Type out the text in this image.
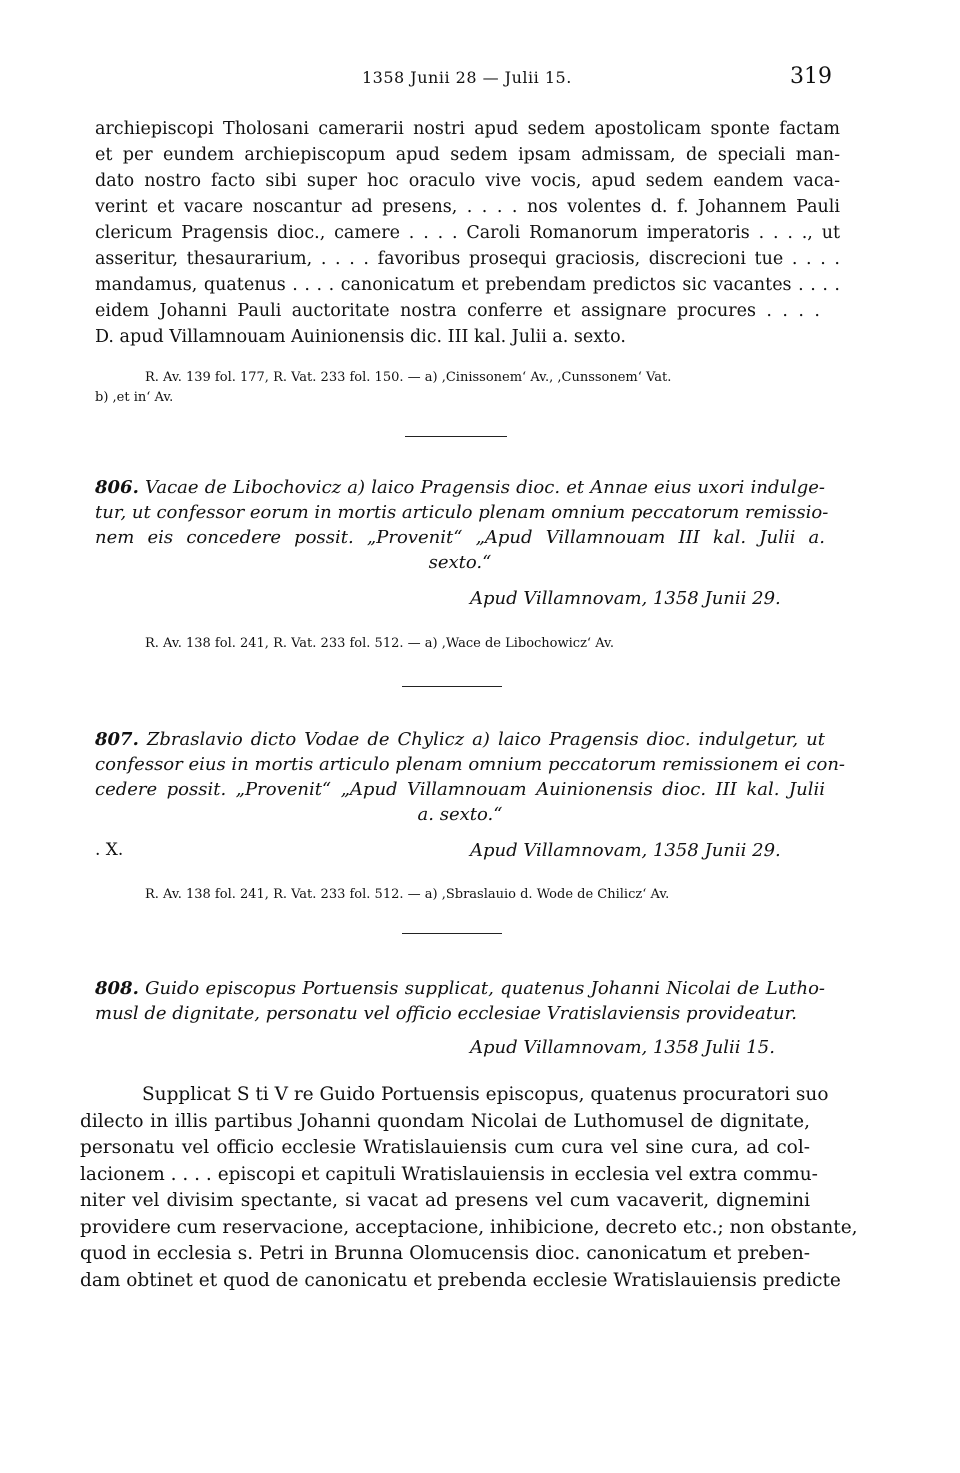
1358 Junii 28 — Julii 15.	319
archiepiscopi Tholosani camerarii nostri apud sedem apostolicam sponte factam
et per eundem archiepiscopum apud sedem ipsam admissam, de speciali man-
dato nostro facto sibi super hoc oraculo vive vocis, apud sedem eandem vaca-
verint et vacare noscantur ad presens, . . . . nos volentes d. f. Johannem Pauli
clericum Pragensis dioc., camere . . . . Caroli Romanorum imperatoris . . . ., ut
asseritur, thesaurarium, . . . . favoribus prosequi graciosis, discrecioni tue . . . .
mandamus, quatenus . . . . canonicatum et prebendam predictos sic vacantes . . . .
eidem Johanni Pauli auctoritate nostra conferre et assignare procures . . . .
D. apud Villamnouam Auinionensis dic. III kal. Julii a. sexto.
R. Av. 139 fol. 177, R. Vat. 233 fol. 150. — a) ,Cinissonem‘ Av., ,Cunssonem‘ Vat.
b) ,et in‘ Av.
806. Vacae de Libochovicz a) laico Pragensis dioc. et Annae eius uxori indulge-
tur, ut confessor eorum in mortis articulo plenam omnium peccatorum remissio-
nem eis concedere possit. „Provenit“ „Apud Villamnouam III kal. Julii a.
sexto.“
Apud Villamnovam, 1358 Junii 29.
R. Av. 138 fol. 241, R. Vat. 233 fol. 512. — a) ,Wace de Libochowicz‘ Av.
807. Zbraslavio dicto Vodae de Chylicz a) laico Pragensis dioc. indulgetur, ut
confessor eius in mortis articulo plenam omnium peccatorum remissionem ei con-
cedere possit. „Provenit“ „Apud Villamnouam Auinionensis dioc. III kal. Julii
a. sexto.“
. X.	Apud Villamnovam, 1358 Junii 29.
R. Av. 138 fol. 241, R. Vat. 233 fol. 512. — a) ,Sbraslauio d. Wode de Chilicz‘ Av.
808. Guido episcopus Portuensis supplicat, quatenus Johanni Nicolai de Lutho-
musl de dignitate, personatu vel officio ecclesiae Vratislaviensis provideatur.
Apud Villamnovam, 1358 Julii 15.
Supplicat S ti V re Guido Portuensis episcopus, quatenus procuratori suo
dilecto in illis partibus Johanni quondam Nicolai de Luthomusel de dignitate,
personatu vel officio ecclesie Wratislauiensis cum cura vel sine cura, ad col-
lacionem . . . . episcopi et capituli Wratislauiensis in ecclesia vel extra commu-
niter vel divisim spectante, si vacat ad presens vel cum vacaverit, dignemini
providere cum reservacione, acceptacione, inhibicione, decreto etc.; non obstante,
quod in ecclesia s. Petri in Brunna Olomucensis dioc. canonicatum et preben-
dam obtinet et quod de canonicatu et prebenda ecclesie Wratislauiensis predicte
